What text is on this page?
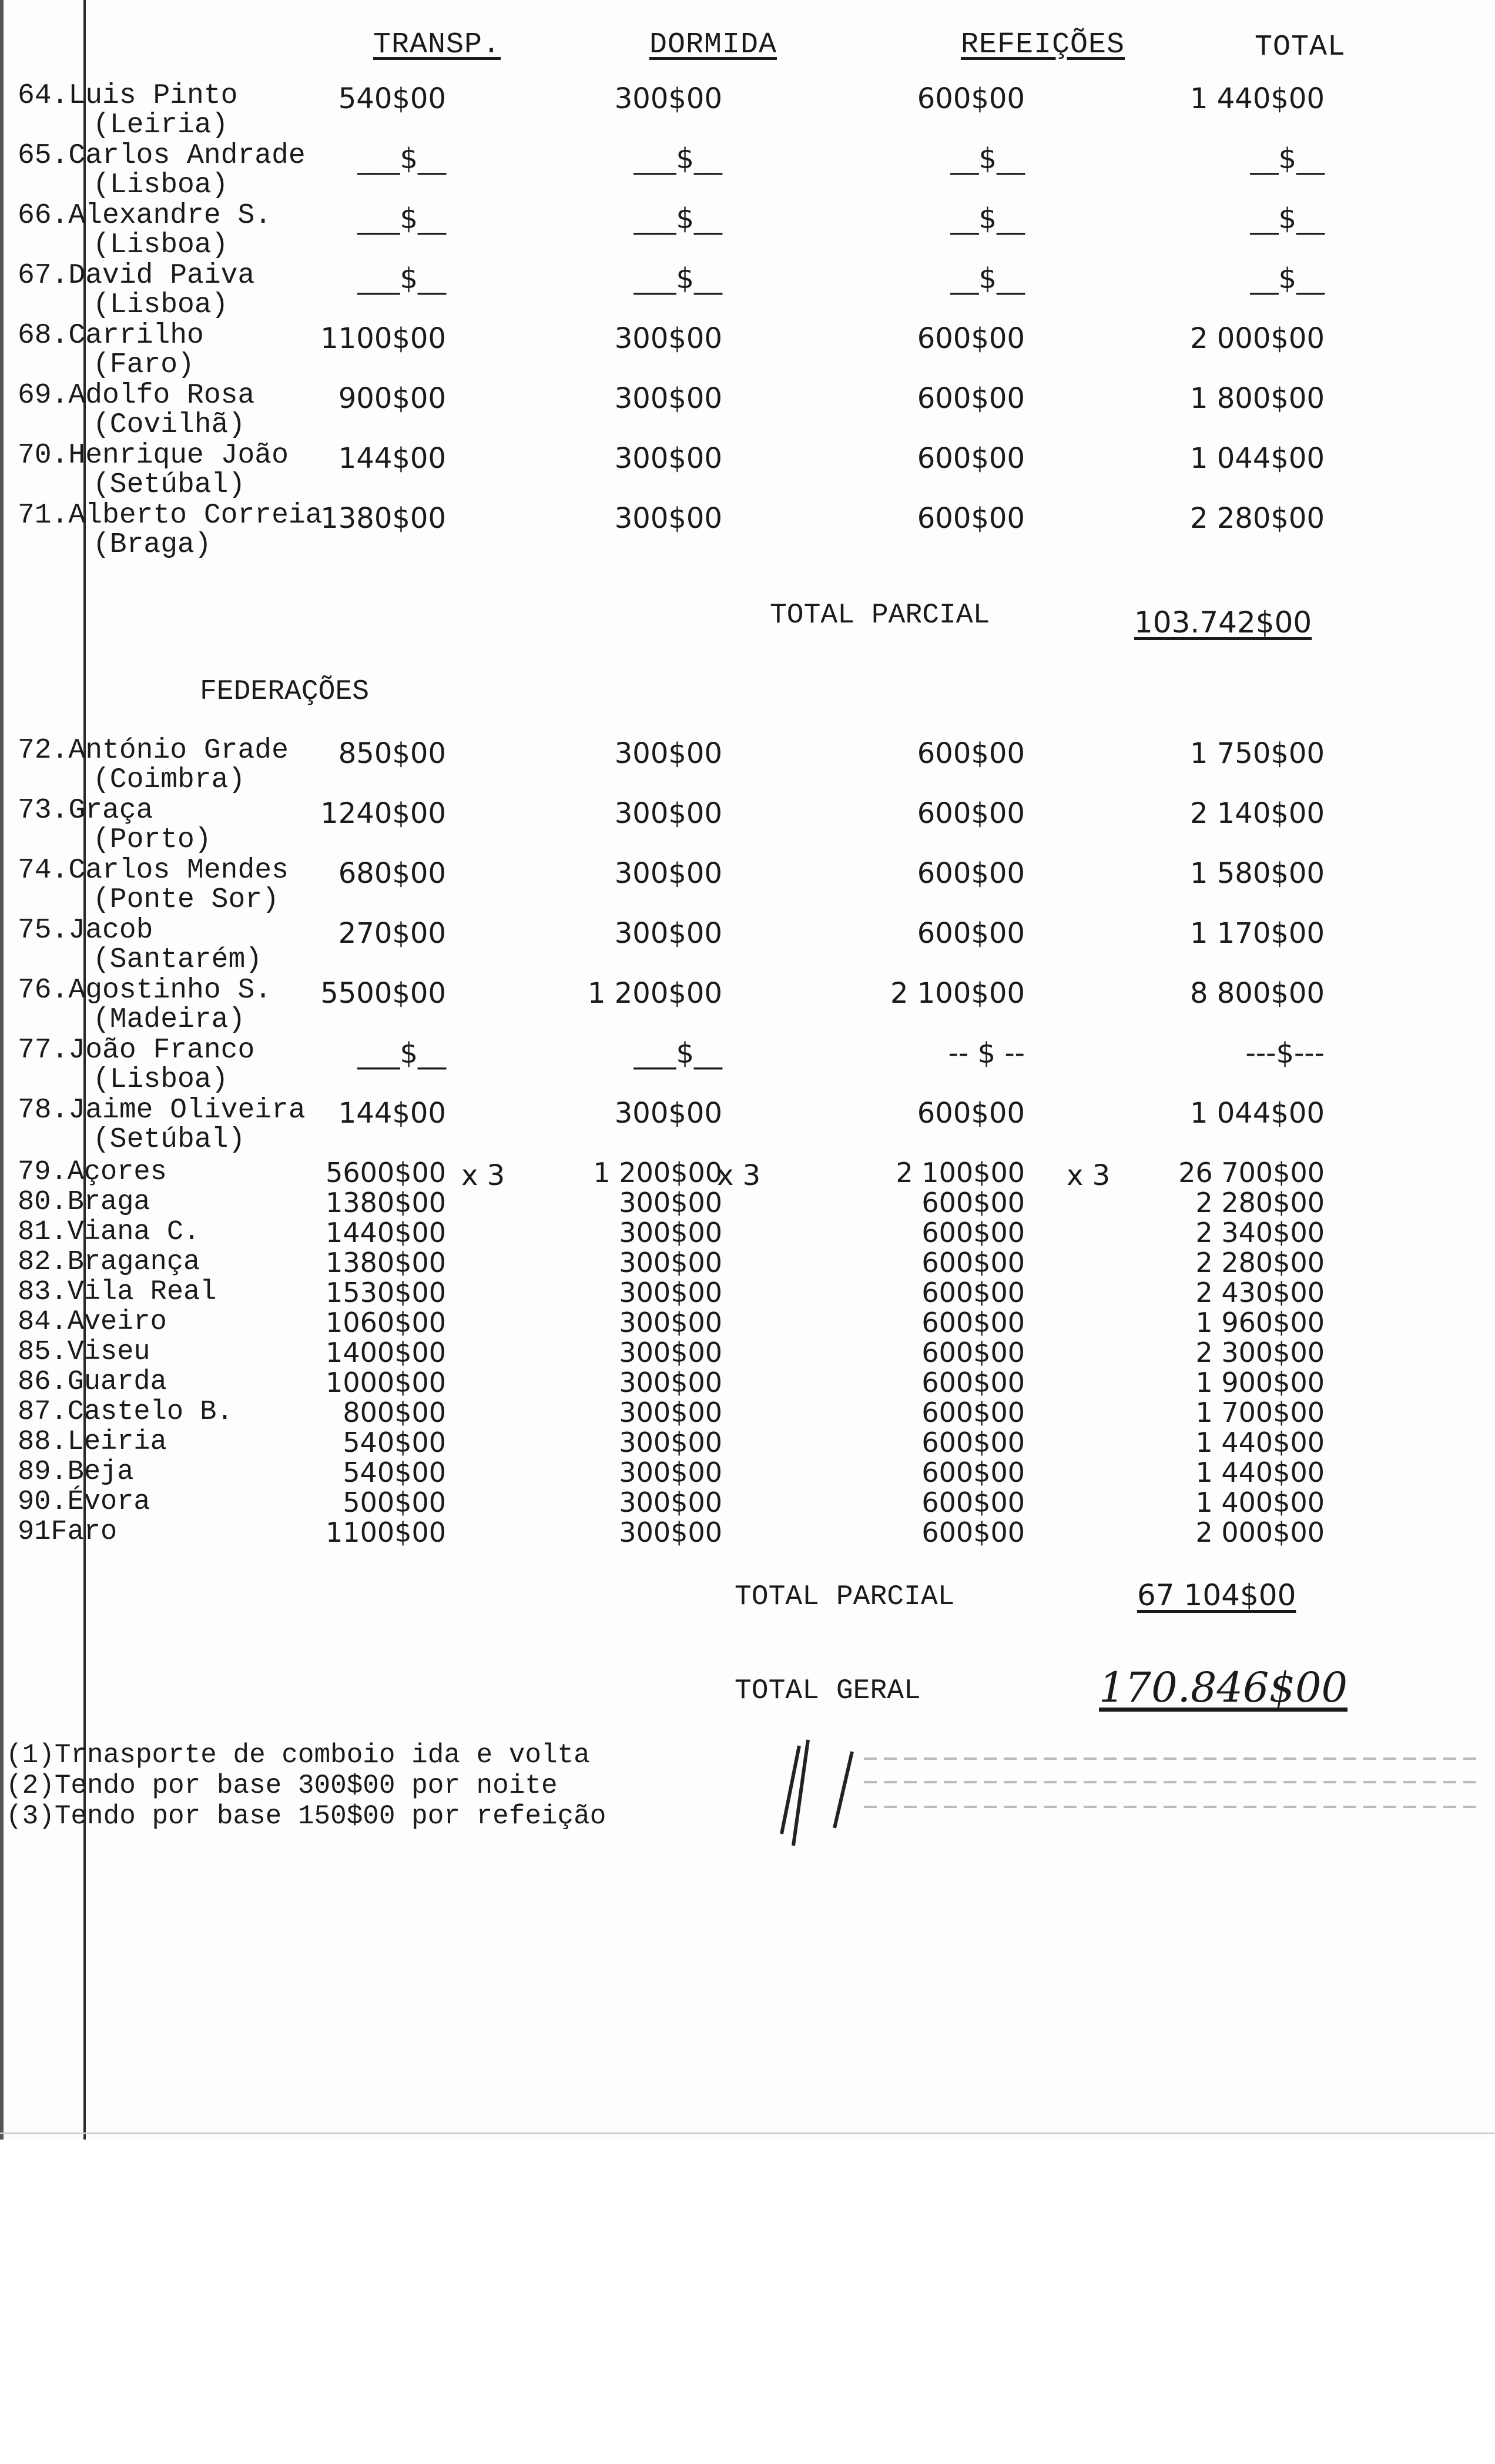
TRANSP.	DORMIDA	REFEIÇÕES	TOTAL
64.Luis Pinto
(Leiria)
540$00	300$00	600$00	1 440$00
65.Carlos Andrade
(Lisboa)
___$__	___$__	__$__	__$__
66.Alexandre S.
(Lisboa)
___$__	___$__	__$__	__$__
67.David Paiva
(Lisboa)
___$__	___$__	__$__	__$__
68.Carrilho
(Faro)
1100$00	300$00	600$00	2 000$00
69.Adolfo Rosa
(Covilhã)
900$00	300$00	600$00	1 800$00
70.Henrique João
(Setúbal)
144$00	300$00	600$00	1 044$00
71.Alberto Correia
(Braga)
1380$00	300$00	600$00	2 280$00
TOTAL PARCIAL	103.742$00
FEDERAÇÕES
72.António Grade
(Coimbra)
850$00	300$00	600$00	1 750$00
73.Graça
(Porto)
1240$00	300$00	600$00	2 140$00
74.Carlos Mendes
(Ponte Sor)
680$00	300$00	600$00	1 580$00
75.Jacob
(Santarém)
270$00	300$00	600$00	1 170$00
76.Agostinho S.
(Madeira)
5500$00	1 200$00	2 100$00	8 800$00
77.João Franco
(Lisboa)
___$__	___$__	-- $ --	---$---
78.Jaime Oliveira
(Setúbal)
144$00	300$00	600$00	1 044$00
79.Açores	5600$00	1 200$00	2 100$00	26 700$00
x 3	x 3	x 3
80.Braga	1380$00	300$00	600$00	2 280$00
81.Viana C.	1440$00	300$00	600$00	2 340$00
82.Bragança	1380$00	300$00	600$00	2 280$00
83.Vila Real	1530$00	300$00	600$00	2 430$00
84.Aveiro	1060$00	300$00	600$00	1 960$00
85.Viseu	1400$00	300$00	600$00	2 300$00
86.Guarda	1000$00	300$00	600$00	1 900$00
87.Castelo B.	800$00	300$00	600$00	1 700$00
88.Leiria	540$00	300$00	600$00	1 440$00
89.Beja	540$00	300$00	600$00	1 440$00
90.Évora	500$00	300$00	600$00	1 400$00
91Faro	1100$00	300$00	600$00	2 000$00
TOTAL PARCIAL	67 104$00
TOTAL GERAL	170.846$00
(1)Trnasporte de comboio ida e volta
(2)Tendo por base 300$00 por noite
(3)Tendo por base 150$00 por refeição
